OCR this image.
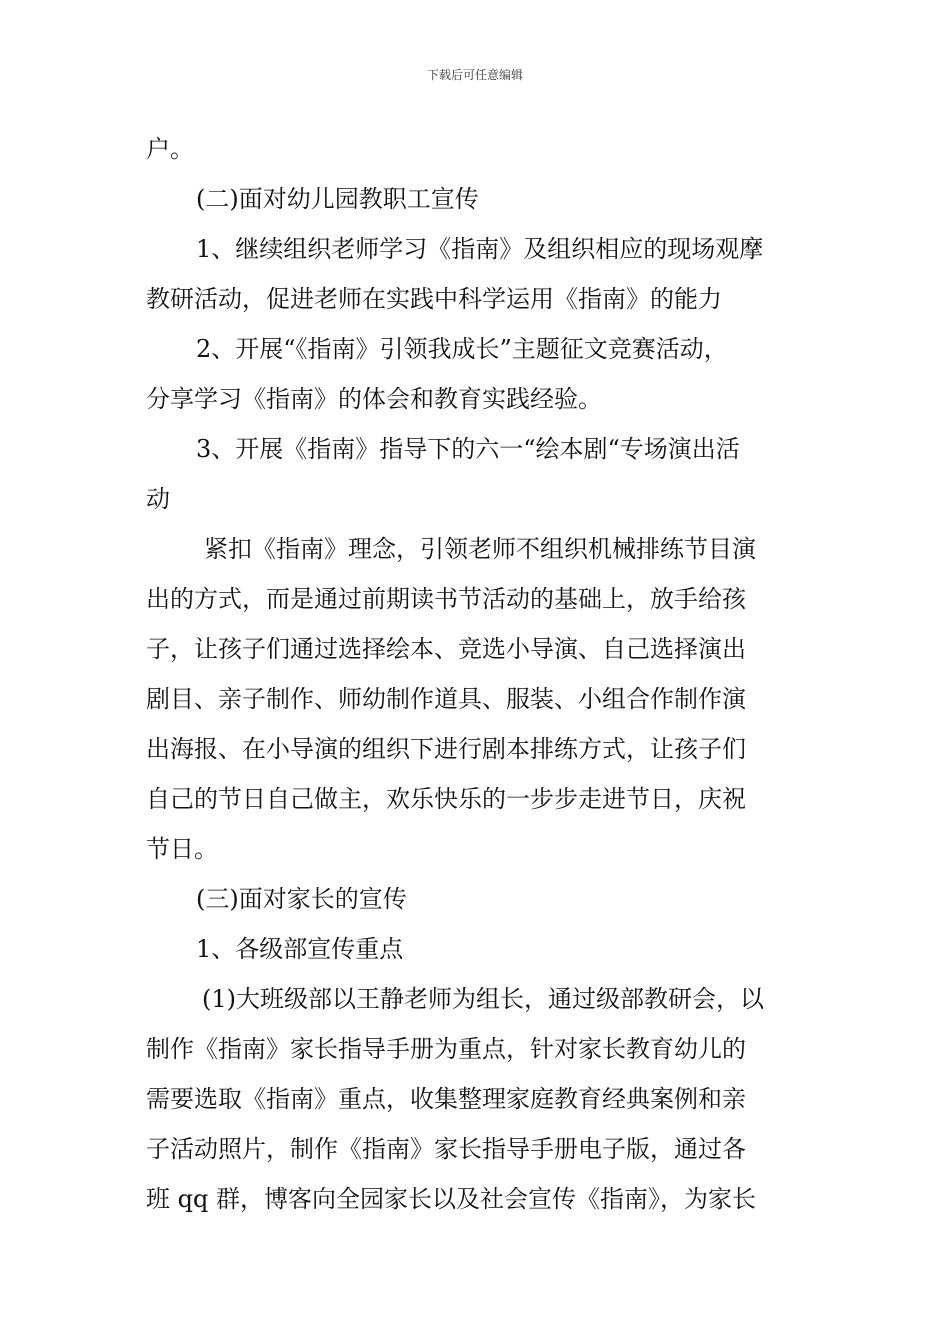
下载后可任意编辑
户。
(二)面对幼儿园教职工宣传
1、继续组织老师学习《指南》及组织相应的现场观摩
教研活动，促进老师在实践中科学运用《指南》的能力
2、开展“《指南》引领我成长”主题征文竞赛活动，
分享学习《指南》的体会和教育实践经验。
3、开展《指南》指导下的六一“绘本剧“专场演出活
动
紧扣《指南》理念，引领老师不组织机械排练节目演
出的方式，而是通过前期读书节活动的基础上，放手给孩
子，让孩子们通过选择绘本、竞选小导演、自己选择演出
剧目、亲子制作、师幼制作道具、服装、小组合作制作演
出海报、在小导演的组织下进行剧本排练方式，让孩子们
自己的节日自己做主，欢乐快乐的一步步走进节日，庆祝
节日。
(三)面对家长的宣传
1、各级部宣传重点
(1)大班级部以王静老师为组长，通过级部教研会，以
制作《指南》家长指导手册为重点，针对家长教育幼儿的
需要选取《指南》重点，收集整理家庭教育经典案例和亲
子活动照片，制作《指南》家长指导手册电子版，通过各
班 qq 群，博客向全园家长以及社会宣传《指南》，为家长
